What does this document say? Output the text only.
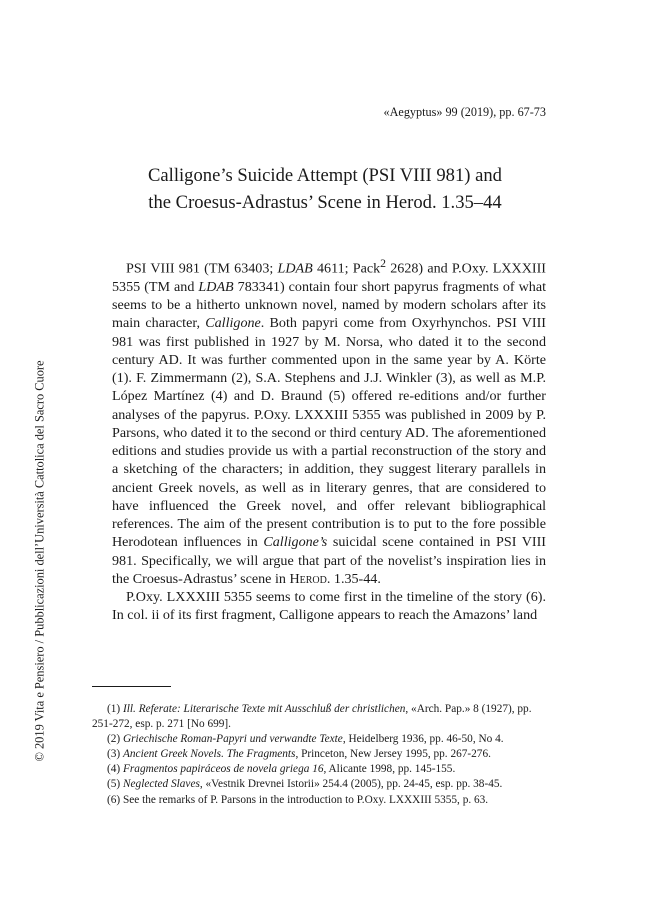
«Aegyptus» 99 (2019), pp. 67-73
Calligone’s Suicide Attempt (PSI VIII 981) and
the Croesus-Adrastus’ Scene in Herod. 1.35–44
© 2019 Vita e Pensiero / Pubblicazioni dell’Università Cattolica del Sacro Cuore

PSI VIII 981 (TM 63403; LDAB 4611; Pack$^2$ 2628) and P.Oxy. LXXXIII 5355 (TM and LDAB 783341) contain four short papyrus fragments of what seems to be a hitherto unknown novel, named by modern scholars after its main character, Calligone. Both papyri come from Oxyrhynchos. PSI VIII 981 was first published in 1927 by M. Norsa, who dated it to the second century AD. It was further commented upon in the same year by A. Körte (1). F. Zimmermann (2), S.A. Stephens and J.J. Winkler (3), as well as M.P. López Martínez (4) and D. Braund (5) offered re-editions and/or further analyses of the papyrus. P.Oxy. LXXXIII 5355 was published in 2009 by P. Parsons, who dated it to the second or third century AD. The aforementioned editions and studies provide us with a partial reconstruction of the story and a sketching of the characters; in addition, they suggest literary parallels in ancient Greek novels, as well as in literary genres, that are considered to have influenced the Greek novel, and offer relevant bibliographical references. The aim of the present contribution is to put to the fore possible Herodotean influences in Calligone’s suicidal scene contained in PSI VIII 981. Specifically, we will argue that part of the novelist’s inspiration lies in the Croesus-Adrastus’ scene in Herod. 1.35-44.

P.Oxy. LXXXIII 5355 seems to come first in the timeline of the story (6). In col. ii of its first fragment, Calligone appears to reach the Amazons’ land

(1) Ill. Referate: Literarische Texte mit Ausschluß der christlichen, «Arch. Pap.» 8 (1927), pp. 251-272, esp. p. 271 [No 699].

(2) Griechische Roman-Papyri und verwandte Texte, Heidelberg 1936, pp. 46-50, No 4.

(3) Ancient Greek Novels. The Fragments, Princeton, New Jersey 1995, pp. 267-276.

(4) Fragmentos papiráceos de novela griega 16, Alicante 1998, pp. 145-155.

(5) Neglected Slaves, «Vestnik Drevnei Istorii» 254.4 (2005), pp. 24-45, esp. pp. 38-45.

(6) See the remarks of P. Parsons in the introduction to P.Oxy. LXXXIII 5355, p. 63.
